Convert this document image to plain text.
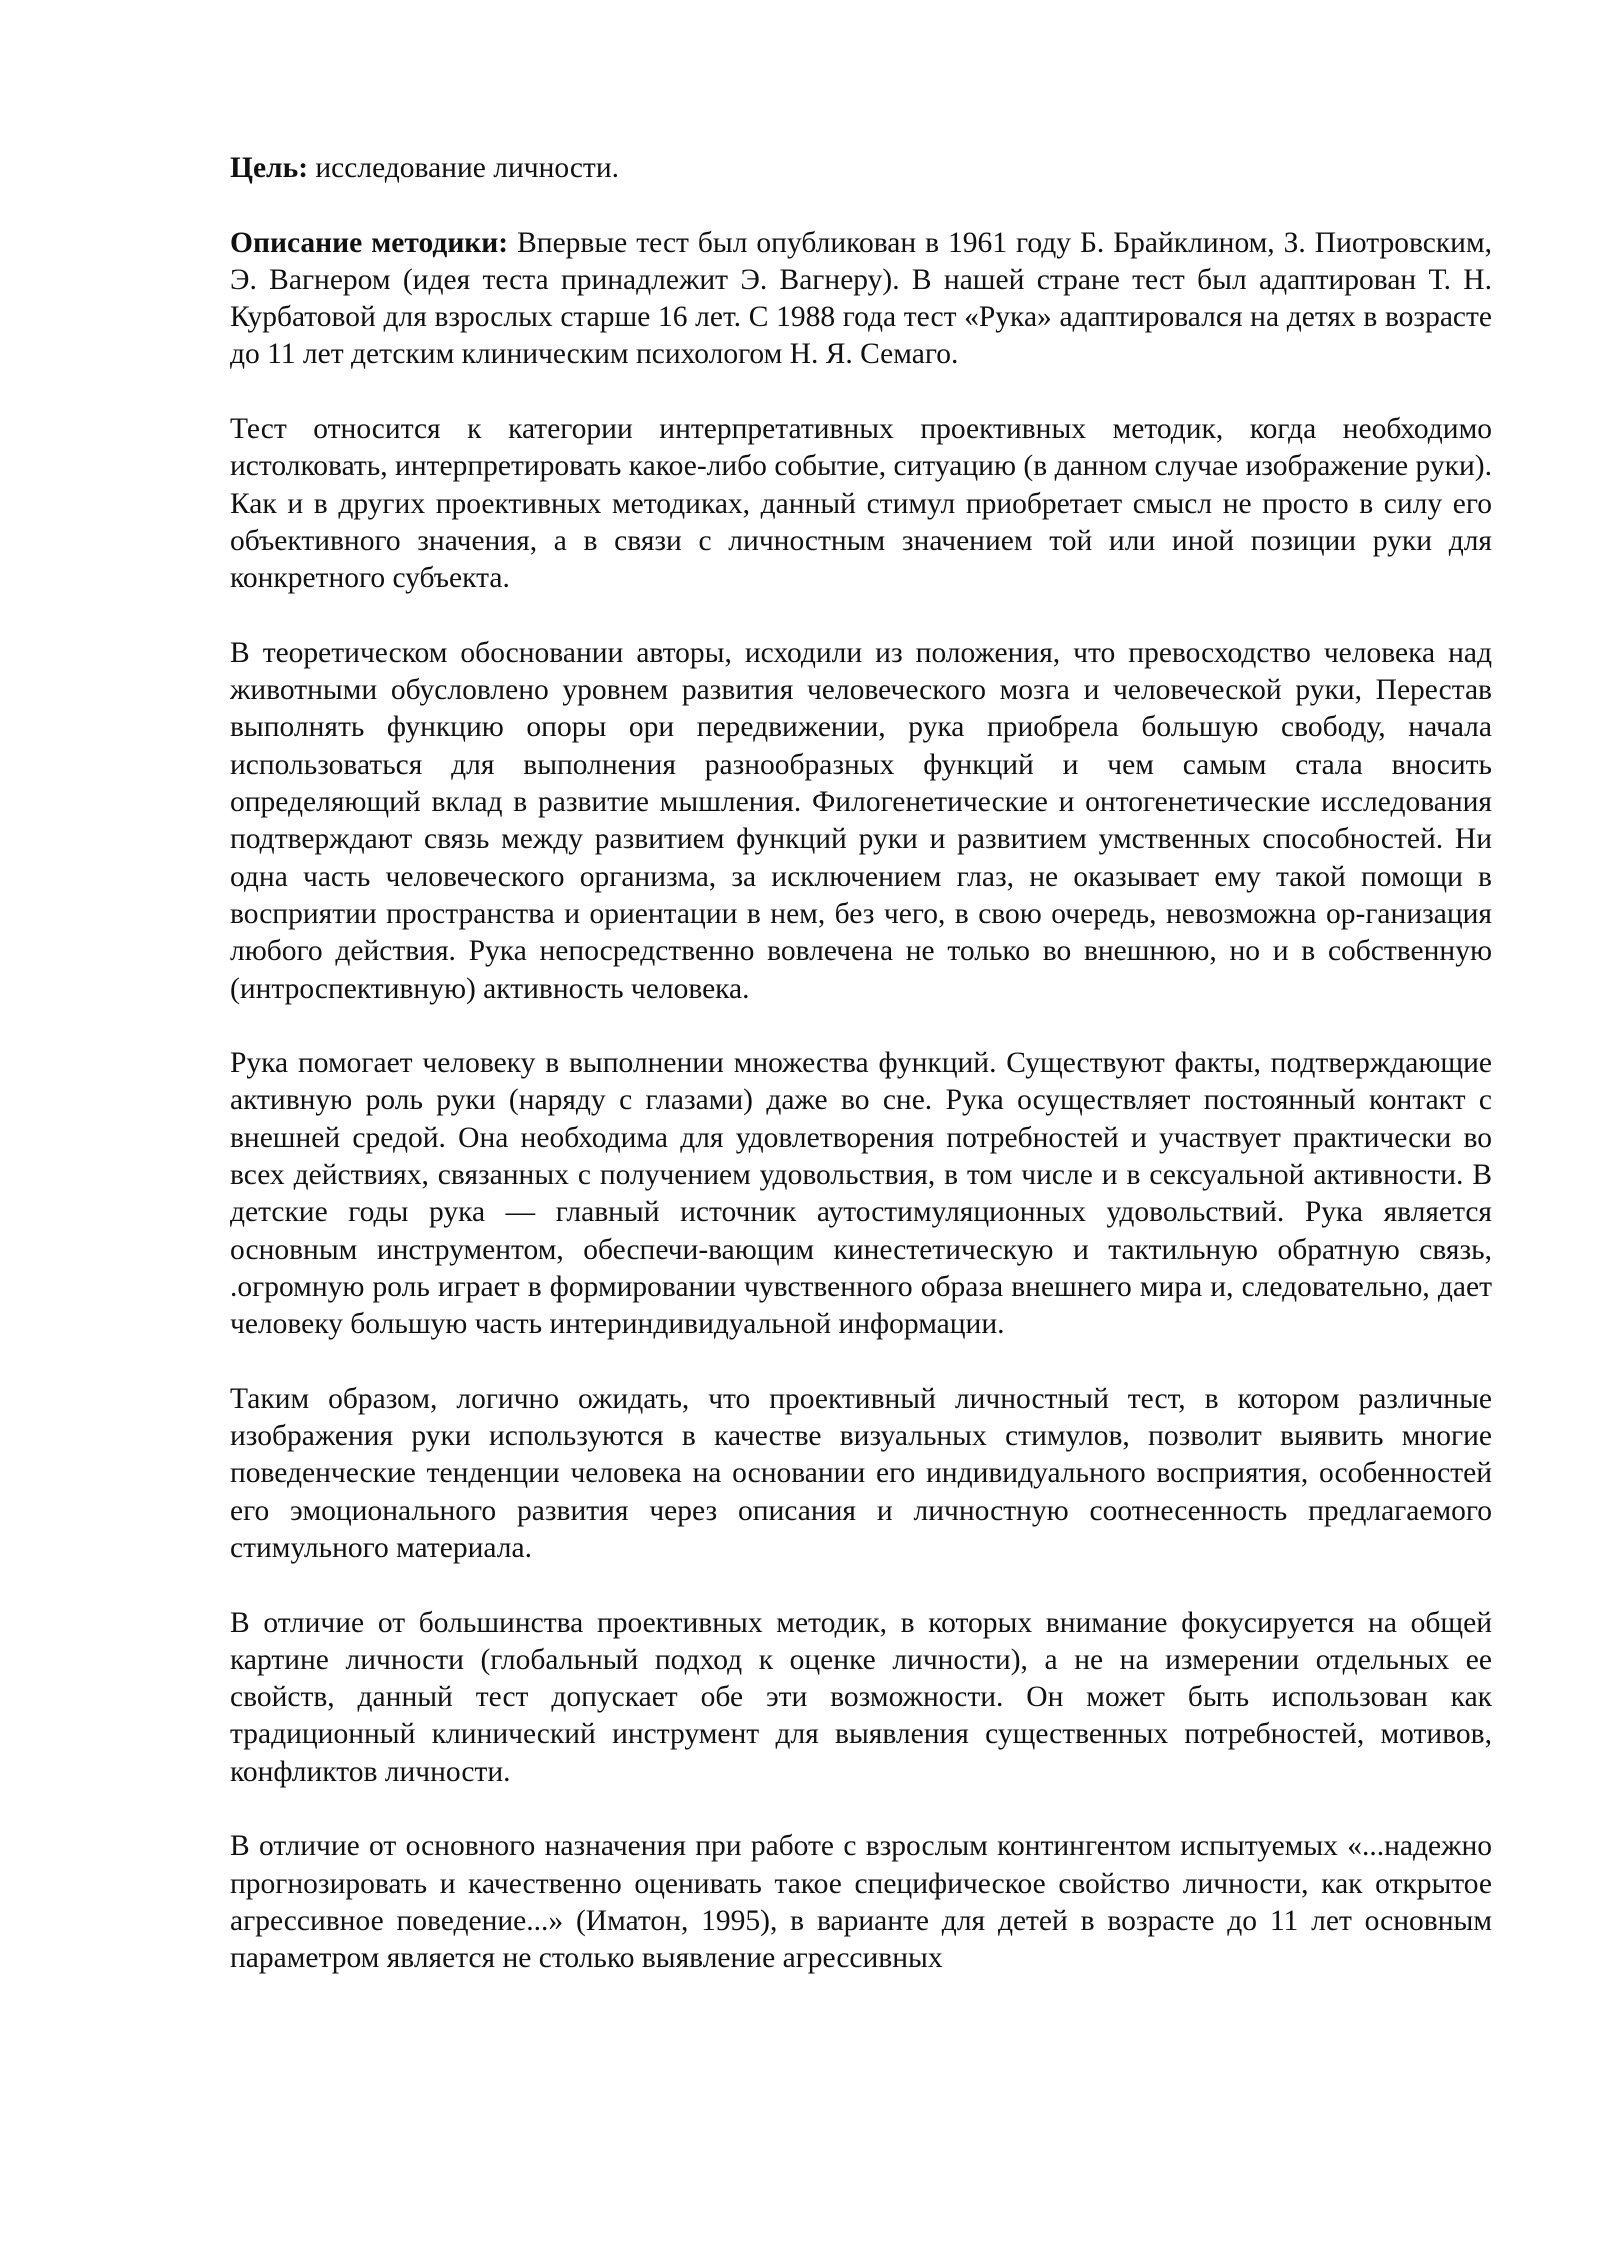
Цель: исследование личности.

Описание методики: Впервые тест был опубликован в 1961 году Б. Брайклином, З. Пиотровским, Э. Вагнером (идея теста принадлежит Э. Вагнеру). В нашей стране тест был адаптирован Т. Н. Курбатовой для взрослых старше 16 лет. С 1988 года тест «Рука» адаптировался на детях в возрасте до 11 лет детским клиническим психологом Н. Я. Семаго.

Тест относится к категории интерпретативных проективных методик, когда необходимо истолковать, интерпретировать какое-либо событие, ситуацию (в данном случае изображение руки). Как и в других проективных методиках, данный стимул приобретает смысл не просто в силу его объективного значения, а в связи с личностным значением той или иной позиции руки для конкретного субъекта.

В теоретическом обосновании авторы, исходили из положения, что превосходство человека над животными обусловлено уровнем развития человеческого мозга и человеческой руки, Перестав выполнять функцию опоры ори передвижении, рука приобрела большую свободу, начала использоваться для выполнения разнообразных функций и чем самым стала вносить определяющий вклад в развитие мышления. Филогенетические и онтогенетические исследования подтверждают связь между развитием функций руки и развитием умственных способностей. Ни одна часть человеческого организма, за исключением глаз, не оказывает ему такой помощи в восприятии пространства и ориентации в нем, без чего, в свою очередь, невозможна ор-ганизация любого действия. Рука непосредственно вовлечена не только во внешнюю, но и в собственную (интроспективную) активность человека.

Рука помогает человеку в выполнении множества функций. Существуют факты, подтверждающие активную роль руки (наряду с глазами) даже во сне. Рука осуществляет постоянный контакт с внешней средой. Она необходима для удовлетворения потребностей и участвует практически во всех действиях, связанных с получением удовольствия, в том числе и в сексуальной активности. В детские годы рука — главный источник аутостимуляционных удовольствий. Рука является основным инструментом, обеспечи-вающим кинестетическую и тактильную обратную связь, .огромную роль играет в формировании чувственного образа внешнего мира и, следовательно, дает человеку большую часть интериндивидуальной информации.

Таким образом, логично ожидать, что проективный личностный тест, в котором различные изображения руки используются в качестве визуальных стимулов, позволит выявить многие поведенческие тенденции человека на основании его индивидуального восприятия, особенностей его эмоционального развития через описания и личностную соотнесенность предлагаемого стимульного материала.

В отличие от большинства проективных методик, в которых внимание фокусируется на общей картине личности (глобальный подход к оценке личности), а не на измерении отдельных ее свойств, данный тест допускает обе эти возможности. Он может быть использован как традиционный клинический инструмент для выявления существенных потребностей, мотивов, конфликтов личности.

В отличие от основного назначения при работе с взрослым контингентом испытуемых «...надежно прогнозировать и качественно оценивать такое специфическое свойство личности, как открытое агрессивное поведение...» (Иматон, 1995), в варианте для детей в возрасте до 11 лет основным параметром является не столько выявление агрессивных
